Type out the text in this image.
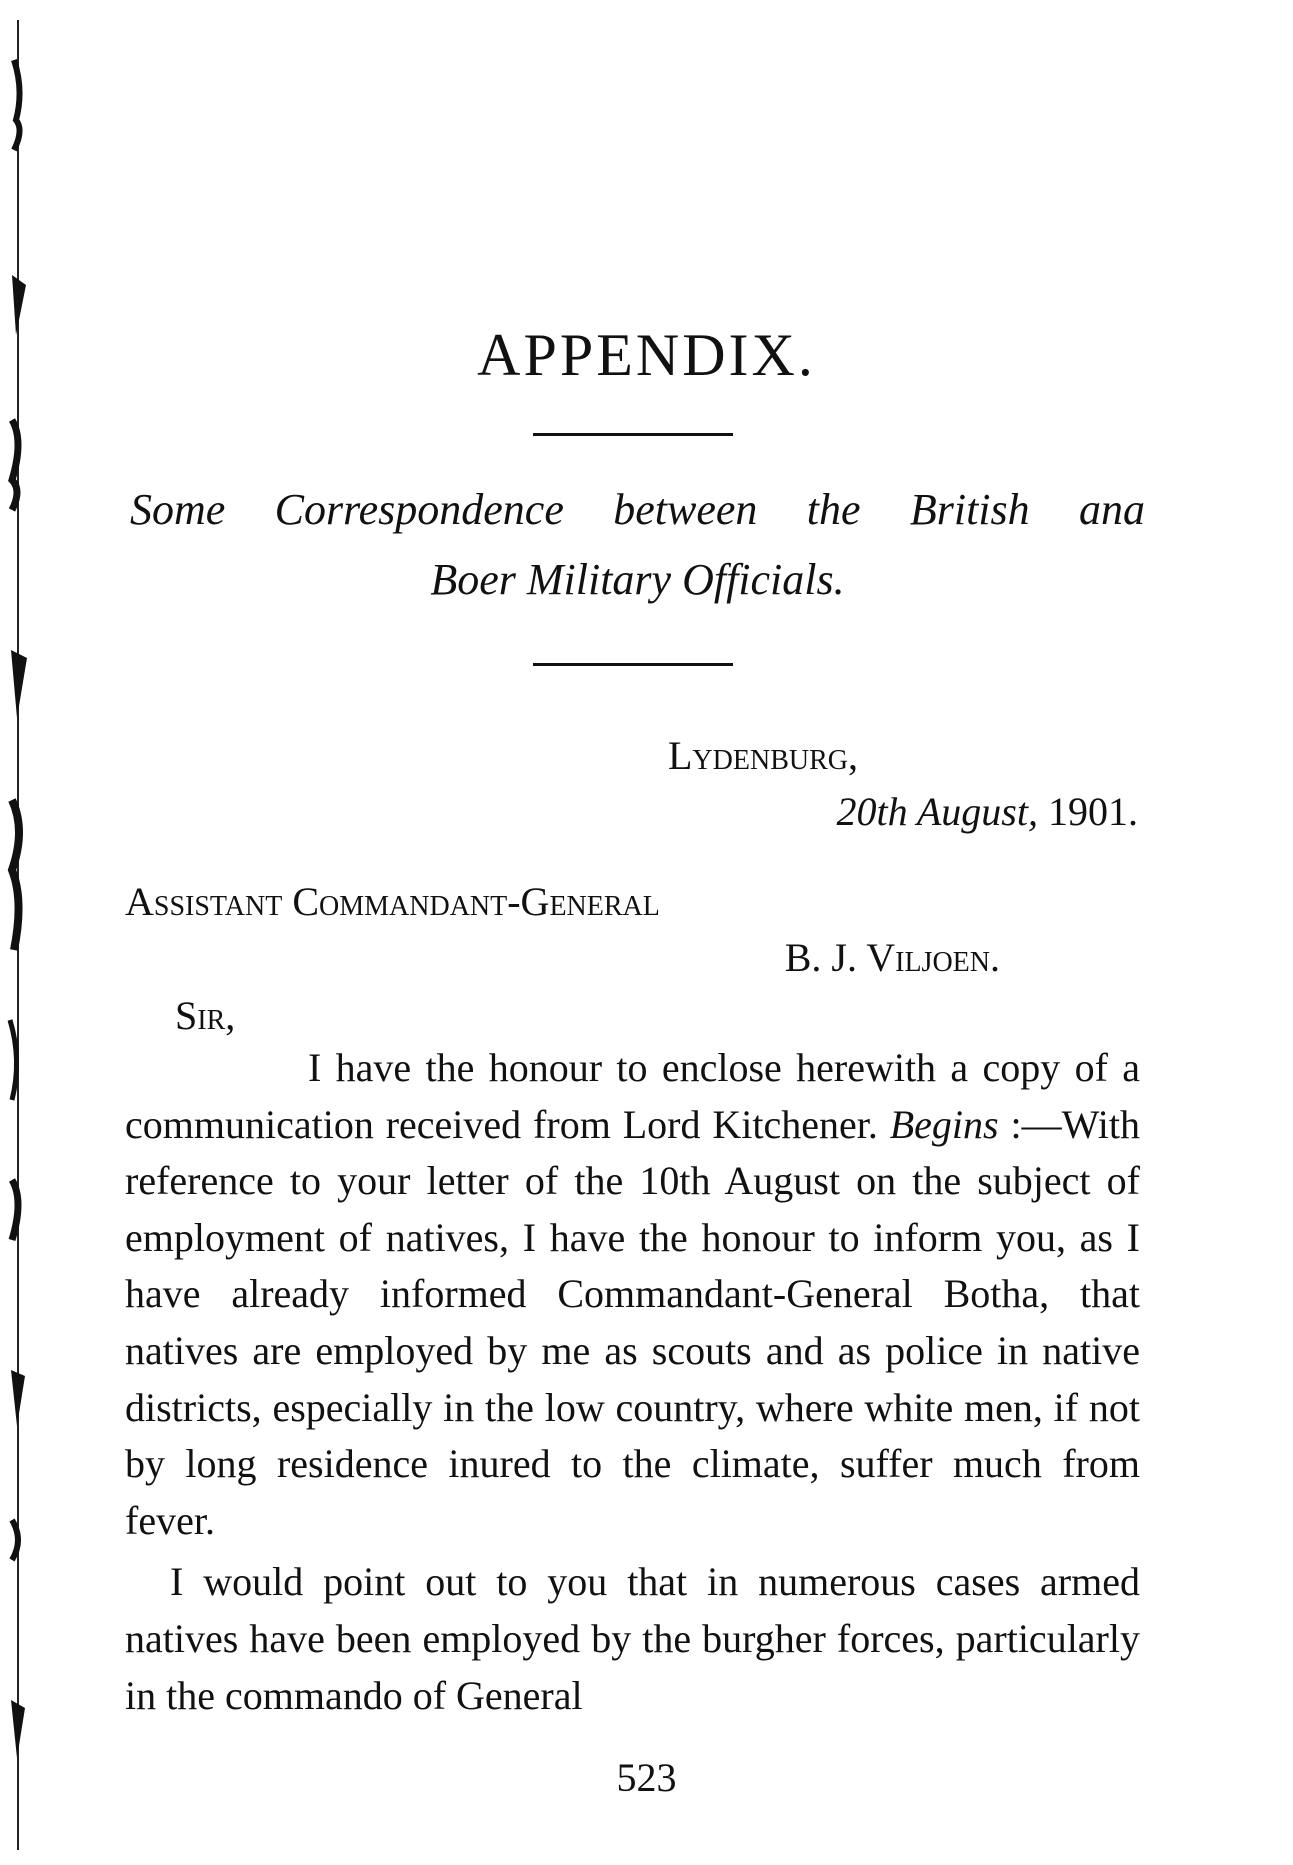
APPENDIX.
Some Correspondence between the British ana
Boer Military Officials.
Lydenburg,
20th August, 1901.
Assistant Commandant-General
B. J. Viljoen.
Sir,

I have the honour to enclose herewith a copy of a communication received from Lord Kitchener. Begins :—With reference to your letter of the 10th August on the subject of employment of natives, I have the honour to inform you, as I have already informed Commandant-General Botha, that natives are employed by me as scouts and as police in native districts, especially in the low country, where white men, if not by long residence inured to the climate, suffer much from fever.

I would point out to you that in numerous cases armed natives have been employed by the burgher forces, particularly in the commando of General

523
